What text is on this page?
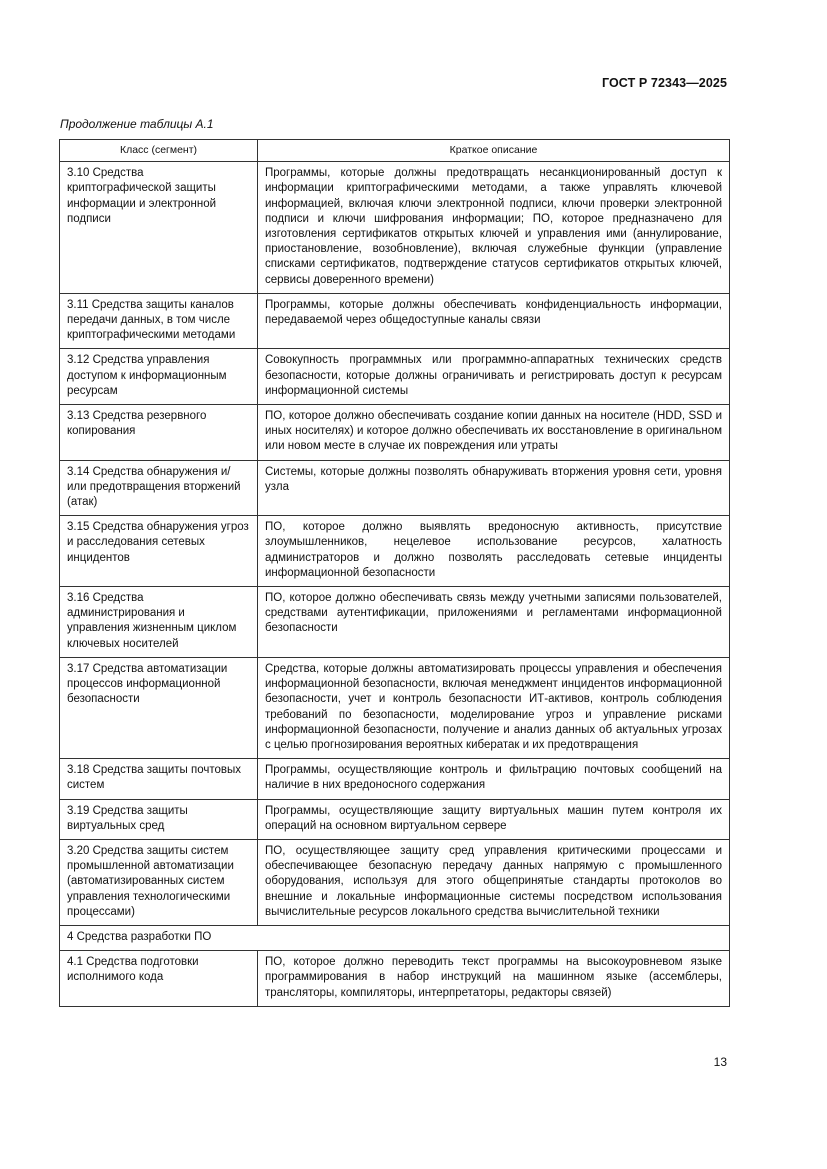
ГОСТ Р 72343—2025
Продолжение таблицы А.1
Класс (сегмент)	Краткое описание
3.10 Средства криптографической защиты информации и электронной подписи	Программы, которые должны предотвращать несанкционированный доступ к информации криптографическими методами, а также управлять ключевой информацией, включая ключи электронной подписи, ключи проверки электронной подписи и ключи шифрования информации; ПО, которое предназначено для изготовления сертификатов открытых ключей и управления ими (аннулирование, приостановление, возобновление), включая служебные функции (управление списками сертификатов, подтверждение статусов сертификатов открытых ключей, сервисы доверенного времени)
3.11 Средства защиты каналов передачи данных, в том числе криптографическими методами	Программы, которые должны обеспечивать конфиденциальность информации, передаваемой через общедоступные каналы связи
3.12 Средства управления доступом к информационным ресурсам	Совокупность программных или программно-аппаратных технических средств безопасности, которые должны ограничивать и регистрировать доступ к ресурсам информационной системы
3.13 Средства резервного копирования	ПО, которое должно обеспечивать создание копии данных на носителе (HDD, SSD и иных носителях) и которое должно обеспечивать их восстановление в оригинальном или новом месте в случае их повреждения или утраты
3.14 Средства обнаружения и/или предотвращения вторжений (атак)	Системы, которые должны позволять обнаруживать вторжения уровня сети, уровня узла
3.15 Средства обнаружения угроз и расследования сетевых инцидентов	ПО, которое должно выявлять вредоносную активность, присутствие злоумышленников, нецелевое использование ресурсов, халатность администраторов и должно позволять расследовать сетевые инциденты информационной безопасности
3.16 Средства администрирования и управления жизненным циклом ключевых носителей	ПО, которое должно обеспечивать связь между учетными записями пользователей, средствами аутентификации, приложениями и регламентами информационной безопасности
3.17 Средства автоматизации процессов информационной безопасности	Средства, которые должны автоматизировать процессы управления и обеспечения информационной безопасности, включая менеджмент инцидентов информационной безопасности, учет и контроль безопасности ИТ-активов, контроль соблюдения требований по безопасности, моделирование угроз и управление рисками информационной безопасности, получение и анализ данных об актуальных угрозах с целью прогнозирования вероятных кибератак и их предотвращения
3.18 Средства защиты почтовых систем	Программы, осуществляющие контроль и фильтрацию почтовых сообщений на наличие в них вредоносного содержания
3.19 Средства защиты виртуальных сред	Программы, осуществляющие защиту виртуальных машин путем контроля их операций на основном виртуальном сервере
3.20 Средства защиты систем промышленной автоматизации (автоматизированных систем управления технологическими процессами)	ПО, осуществляющее защиту сред управления критическими процессами и обеспечивающее безопасную передачу данных напрямую с промышленного оборудования, используя для этого общепринятые стандарты протоколов во внешние и локальные информационные системы посредством использования вычислительные ресурсов локального средства вычислительной техники
4 Средства разработки ПО	
4.1 Средства подготовки исполнимого кода	ПО, которое должно переводить текст программы на высокоуровневом языке программирования в набор инструкций на машинном языке (ассемблеры, трансляторы, компиляторы, интерпретаторы, редакторы связей)
13
